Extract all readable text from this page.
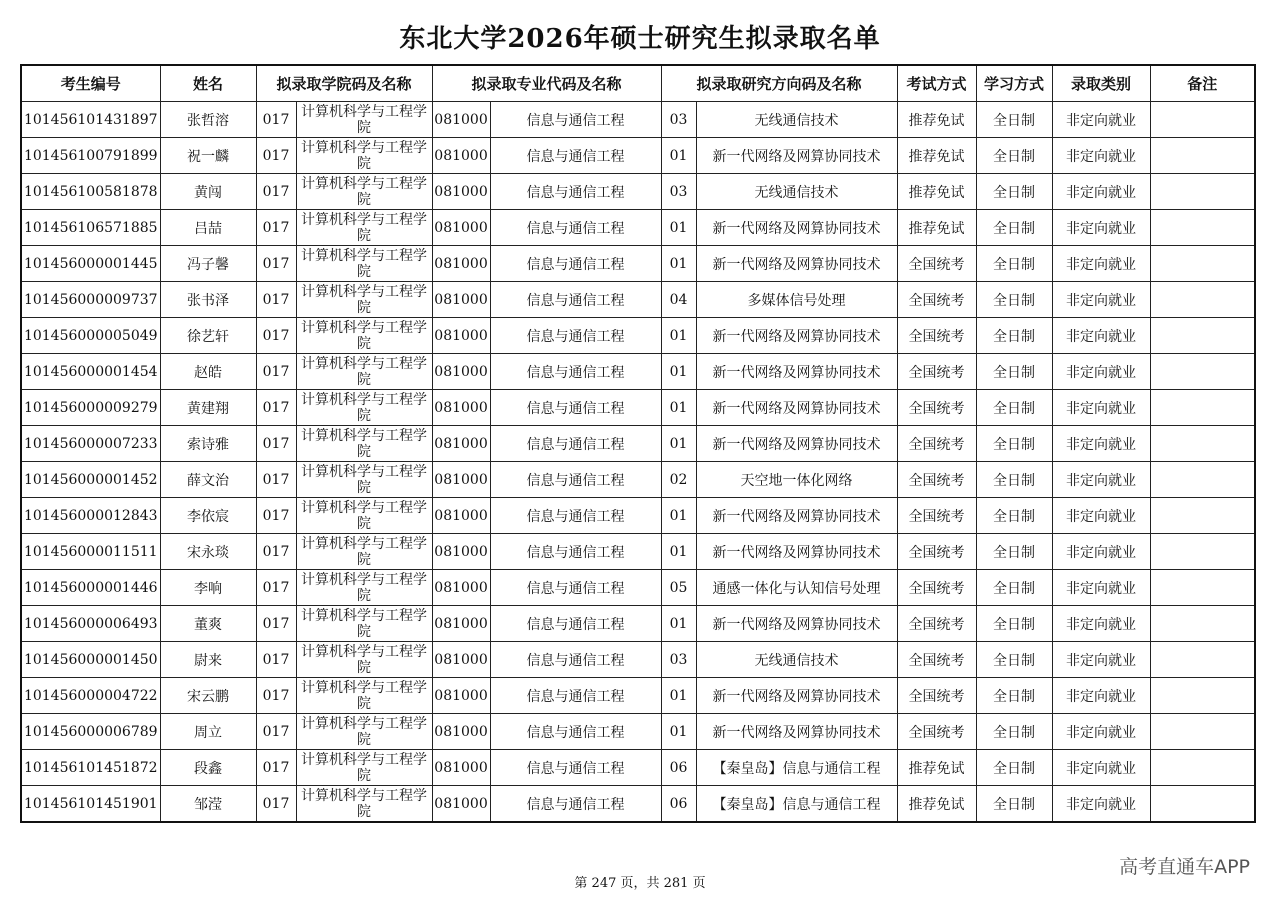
东北大学2026年硕士研究生拟录取名单
考生编号	姓名	拟录取学院码及名称		拟录取专业代码及名称		拟录取研究方向码及名称		考试方式	学习方式	录取类别	备注
101456101431897	张哲溶	017	计算机科学与工程学院	081000	信息与通信工程	03	无线通信技术	推荐免试	全日制	非定向就业	
101456100791899	祝一麟	017	计算机科学与工程学院	081000	信息与通信工程	01	新一代网络及网算协同技术	推荐免试	全日制	非定向就业	
101456100581878	黄闯	017	计算机科学与工程学院	081000	信息与通信工程	03	无线通信技术	推荐免试	全日制	非定向就业	
101456106571885	吕喆	017	计算机科学与工程学院	081000	信息与通信工程	01	新一代网络及网算协同技术	推荐免试	全日制	非定向就业	
101456000001445	冯子馨	017	计算机科学与工程学院	081000	信息与通信工程	01	新一代网络及网算协同技术	全国统考	全日制	非定向就业	
101456000009737	张书泽	017	计算机科学与工程学院	081000	信息与通信工程	04	多媒体信号处理	全国统考	全日制	非定向就业	
101456000005049	徐艺轩	017	计算机科学与工程学院	081000	信息与通信工程	01	新一代网络及网算协同技术	全国统考	全日制	非定向就业	
101456000001454	赵皓	017	计算机科学与工程学院	081000	信息与通信工程	01	新一代网络及网算协同技术	全国统考	全日制	非定向就业	
101456000009279	黄建翔	017	计算机科学与工程学院	081000	信息与通信工程	01	新一代网络及网算协同技术	全国统考	全日制	非定向就业	
101456000007233	索诗雅	017	计算机科学与工程学院	081000	信息与通信工程	01	新一代网络及网算协同技术	全国统考	全日制	非定向就业	
101456000001452	薛文治	017	计算机科学与工程学院	081000	信息与通信工程	02	天空地一体化网络	全国统考	全日制	非定向就业	
101456000012843	李依宸	017	计算机科学与工程学院	081000	信息与通信工程	01	新一代网络及网算协同技术	全国统考	全日制	非定向就业	
101456000011511	宋永琰	017	计算机科学与工程学院	081000	信息与通信工程	01	新一代网络及网算协同技术	全国统考	全日制	非定向就业	
101456000001446	李响	017	计算机科学与工程学院	081000	信息与通信工程	05	通感一体化与认知信号处理	全国统考	全日制	非定向就业	
101456000006493	董爽	017	计算机科学与工程学院	081000	信息与通信工程	01	新一代网络及网算协同技术	全国统考	全日制	非定向就业	
101456000001450	尉来	017	计算机科学与工程学院	081000	信息与通信工程	03	无线通信技术	全国统考	全日制	非定向就业	
101456000004722	宋云鹏	017	计算机科学与工程学院	081000	信息与通信工程	01	新一代网络及网算协同技术	全国统考	全日制	非定向就业	
101456000006789	周立	017	计算机科学与工程学院	081000	信息与通信工程	01	新一代网络及网算协同技术	全国统考	全日制	非定向就业	
101456101451872	段鑫	017	计算机科学与工程学院	081000	信息与通信工程	06	【秦皇岛】信息与通信工程	推荐免试	全日制	非定向就业	
101456101451901	邹滢	017	计算机科学与工程学院	081000	信息与通信工程	06	【秦皇岛】信息与通信工程	推荐免试	全日制	非定向就业	
第 247 页，共 281 页
高考直通车APP
